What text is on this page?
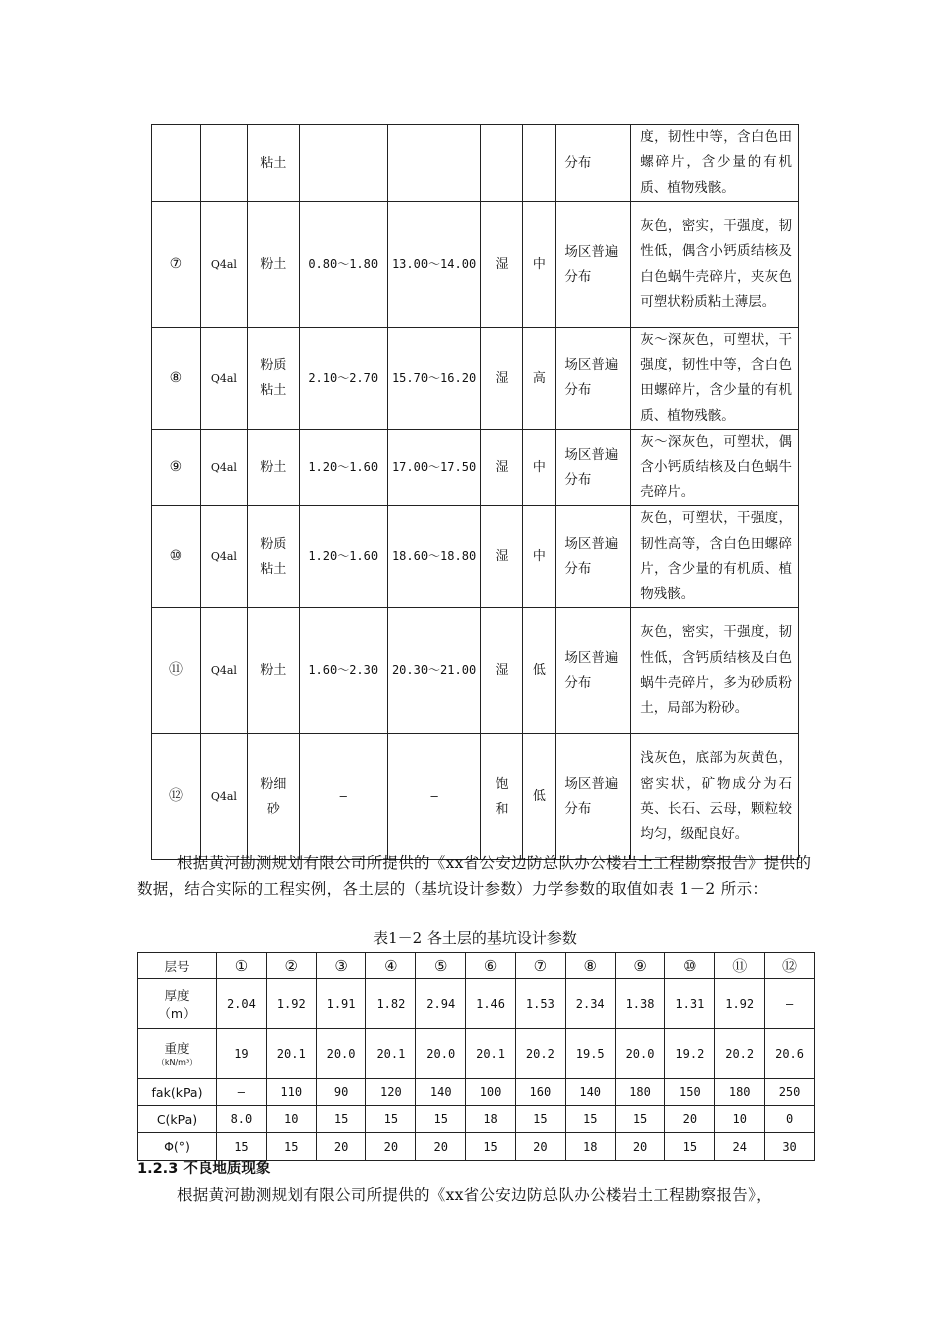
		粘土					分布	度，韧性中等，含白色田螺碎片，含少量的有机质、植物残骸。
⑦	Q4al	粉土	0.80～1.80	13.00～14.00	湿	中	场区普遍分布	灰色，密实，干强度，韧性低，偶含小钙质结核及白色蜗牛壳碎片，夹灰色可塑状粉质粘土薄层。
⑧	Q4al	粉质粘土	2.10～2.70	15.70～16.20	湿	高	场区普遍分布	灰～深灰色，可塑状，干强度，韧性中等，含白色田螺碎片，含少量的有机质、植物残骸。
⑨	Q4al	粉土	1.20～1.60	17.00～17.50	湿	中	场区普遍分布	灰～深灰色，可塑状，偶含小钙质结核及白色蜗牛壳碎片。
⑩	Q4al	粉质粘土	1.20～1.60	18.60～18.80	湿	中	场区普遍分布	灰色，可塑状，干强度，韧性高等，含白色田螺碎片，含少量的有机质、植物残骸。
⑪	Q4al	粉土	1.60～2.30	20.30～21.00	湿	低	场区普遍分布	灰色，密实，干强度，韧性低，含钙质结核及白色蜗牛壳碎片，多为砂质粉土，局部为粉砂。
⑫	Q4al	粉细砂	—	—	饱和	低	场区普遍分布	浅灰色，底部为灰黄色，密实状，矿物成分为石英、长石、云母，颗粒较均匀，级配良好。

根据黄河勘测规划有限公司所提供的《xx省公安边防总队办公楼岩土工程勘察报告》提供的数据，结合实际的工程实例，各土层的（基坑设计参数）力学参数的取值如表 1－2 所示：

表1－2 各土层的基坑设计参数

层号	①	②	③	④	⑤	⑥	⑦	⑧	⑨	⑩	⑪	⑫

厚度
（m）	2.04	1.92	1.91	1.82	2.94	1.46	1.53	2.34	1.38	1.31	1.92	—

重度
（kN/m³）	19	20.1	20.0	20.1	20.0	20.1	20.2	19.5	20.0	19.2	20.2	20.6

fak(kPa)	—	110	90	120	140	100	160	140	180	150	180	250

C(kPa)	8.0	10	15	15	15	18	15	15	15	20	10	0

Φ(°)	15	15	20	20	20	15	20	18	20	15	24	30

1.2.3 不良地质现象

根据黄河勘测规划有限公司所提供的《xx省公安边防总队办公楼岩土工程勘察报告》，
